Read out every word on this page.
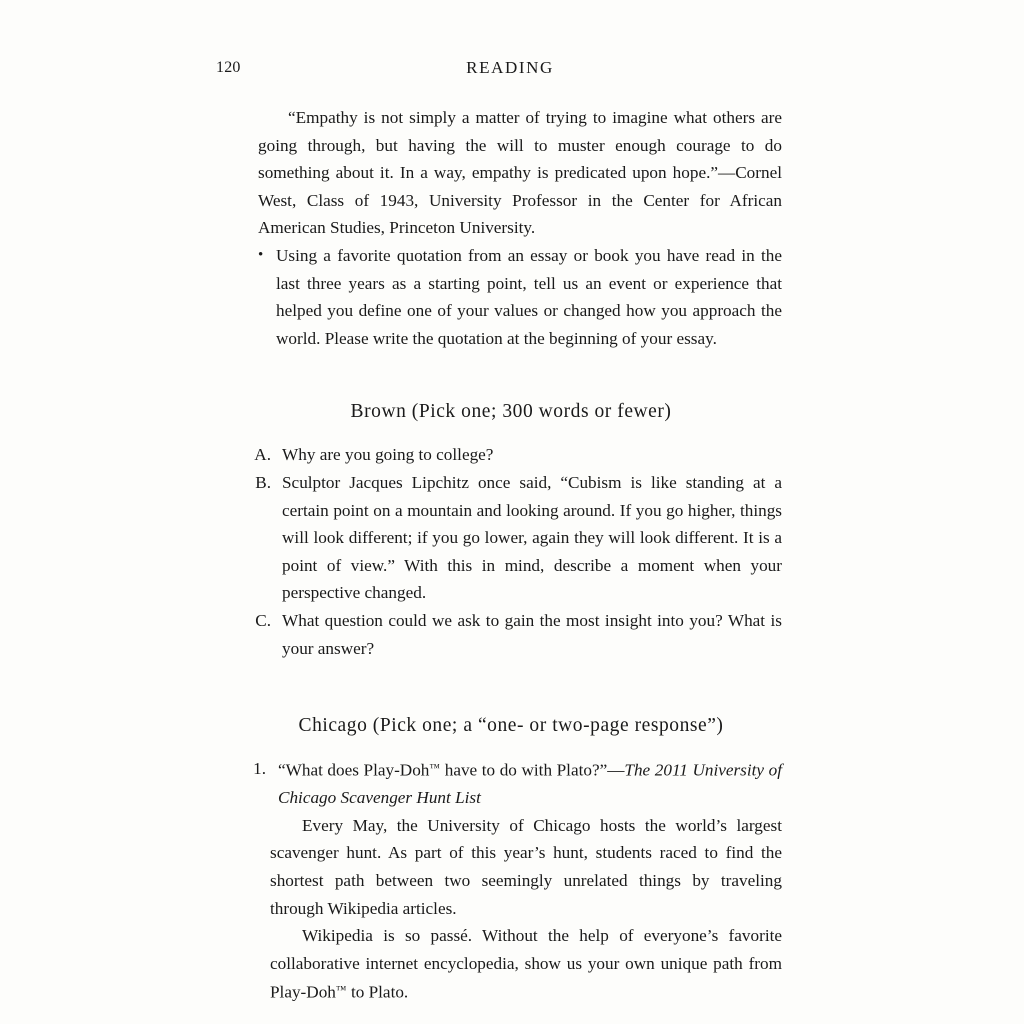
120	READING

“Empathy is not simply a matter of trying to imagine what others are going through, but having the will to muster enough courage to do something about it. In a way, empathy is predicated upon hope.”—Cornel West, Class of 1943, University Professor in the Center for African American Studies, Princeton University.

• Using a favorite quotation from an essay or book you have read in the last three years as a starting point, tell us an event or experience that helped you define one of your values or changed how you approach the world. Please write the quotation at the beginning of your essay.

Brown (Pick one; 300 words or fewer)

A. Why are you going to college?

B. Sculptor Jacques Lipchitz once said, “Cubism is like standing at a certain point on a mountain and looking around. If you go higher, things will look different; if you go lower, again they will look different. It is a point of view.” With this in mind, describe a moment when your perspective changed.

C. What question could we ask to gain the most insight into you? What is your answer?

Chicago (Pick one; a “one- or two-page response”)

1. “What does Play-Doh™ have to do with Plato?”—The 2011 University of Chicago Scavenger Hunt List

Every May, the University of Chicago hosts the world’s largest scavenger hunt. As part of this year’s hunt, students raced to find the shortest path between two seemingly unrelated things by traveling through Wikipedia articles.

Wikipedia is so passé. Without the help of everyone’s favorite collaborative internet encyclopedia, show us your own unique path from Play-Doh™ to Plato.
